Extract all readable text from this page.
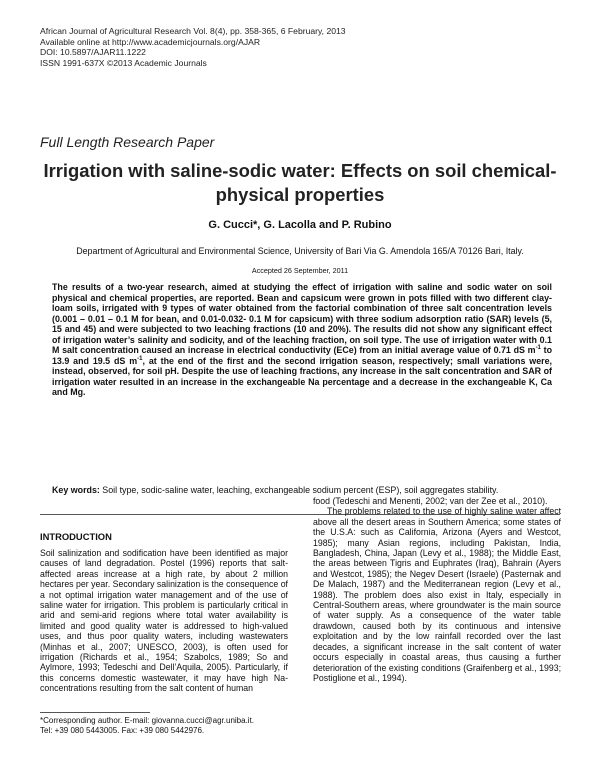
African Journal of Agricultural Research Vol. 8(4), pp. 358-365, 6 February, 2013
Available online at http://www.academicjournals.org/AJAR
DOI: 10.5897/AJAR11.1222
ISSN 1991-637X ©2013 Academic Journals
Full Length Research Paper
Irrigation with saline-sodic water: Effects on soil chemical-physical properties
G. Cucci*, G. Lacolla and P. Rubino
Department of Agricultural and Environmental Science, University of Bari Via G. Amendola 165/A 70126 Bari, Italy.
Accepted 26 September, 2011
The results of a two-year research, aimed at studying the effect of irrigation with saline and sodic water on soil physical and chemical properties, are reported. Bean and capsicum were grown in pots filled with two different clay-loam soils, irrigated with 9 types of water obtained from the factorial combination of three salt concentration levels (0.001 – 0.01 – 0.1 M for bean, and 0.01-0.032- 0.1 M for capsicum) with three sodium adsorption ratio (SAR) levels (5, 15 and 45) and were subjected to two leaching fractions (10 and 20%). The results did not show any significant effect of irrigation water’s salinity and sodicity, and of the leaching fraction, on soil type. The use of irrigation water with 0.1 M salt concentration caused an increase in electrical conductivity (ECe) from an initial average value of 0.71 dS $m^{-1}$ to 13.9 and 19.5 dS $m^{-1}$, at the end of the first and the second irrigation season, respectively; small variations were, instead, observed, for soil pH. Despite the use of leaching fractions, any increase in the salt concentration and SAR of irrigation water resulted in an increase in the exchangeable Na percentage and a decrease in the exchangeable K, Ca and Mg.
Key words: Soil type, sodic-saline water, leaching, exchangeable sodium percent (ESP), soil aggregates stability.
INTRODUCTION

Soil salinization and sodification have been identified as major causes of land degradation. Postel (1996) reports that salt-affected areas increase at a high rate, by about 2 million hectares per year. Secondary salinization is the consequence of a not optimal irrigation water management and of the use of saline water for irrigation. This problem is particularly critical in arid and semi-arid regions where total water availability is limited and good quality water is addressed to high-valued uses, and thus poor quality waters, including wastewaters (Minhas et al., 2007; UNESCO, 2003), is often used for irrigation (Richards et al., 1954; Szabolcs, 1989; So and Aylmore, 1993; Tedeschi and Dell’Aquila, 2005). Particularly, if this concerns domestic wastewater, it may have high Na-concentrations resulting from the salt content of human

food (Tedeschi and Menenti, 2002; van der Zee et al., 2010).

The problems related to the use of highly saline water affect above all the desert areas in Southern America; some states of the U.S.A: such as California, Arizona (Ayers and Westcot, 1985); many Asian regions, including Pakistan, India, Bangladesh, China, Japan (Levy et al., 1988); the Middle East, the areas between Tigris and Euphrates (Iraq), Bahrain (Ayers and Westcot, 1985); the Negev Desert (Israele) (Pasternak and De Malach, 1987) and the Mediterranean region (Levy et al., 1988). The problem does also exist in Italy, especially in Central-Southern areas, where groundwater is the main source of water supply. As a consequence of the water table drawdown, caused both by its continuous and intensive exploitation and by the low rainfall recorded over the last decades, a significant increase in the salt content of water occurs especially in coastal areas, thus causing a further deterioration of the existing conditions (Graifenberg et al., 1993; Postiglione et al., 1994).

*Corresponding author. E-mail: giovanna.cucci@agr.uniba.it.
Tel: +39 080 5443005. Fax: +39 080 5442976.
